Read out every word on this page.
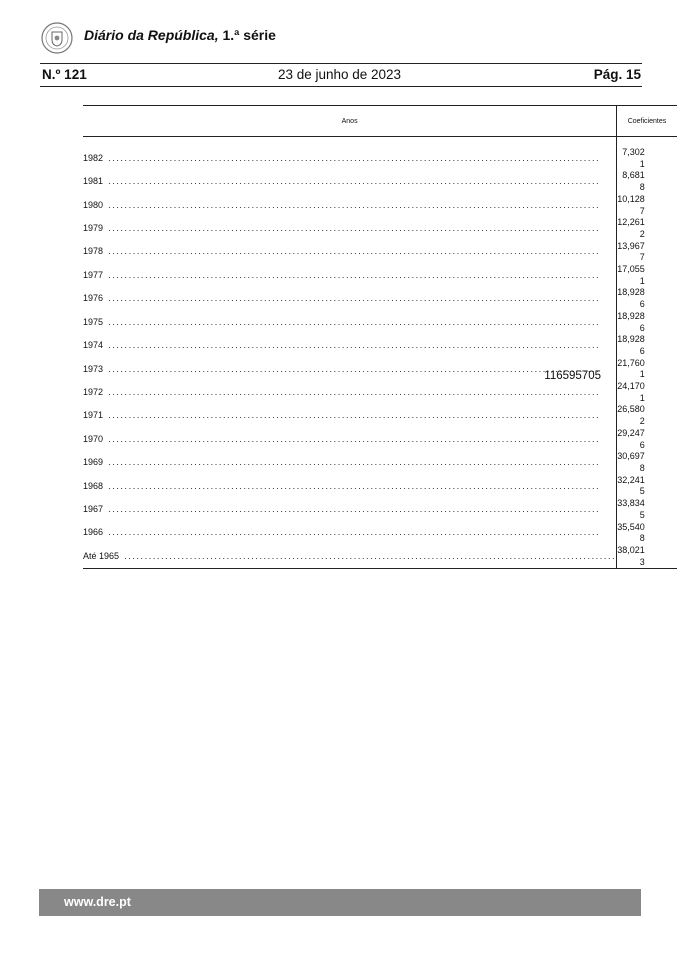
Diário da República, 1.ª série
N.º 121	23 de junho de 2023	Pág. 15
Anos	Coeficientes

1982 ........................................................................................................................	7,302 1
1981 ........................................................................................................................	8,681 8
1980 ........................................................................................................................	10,128 7
1979 ........................................................................................................................	12,261 2
1978 ........................................................................................................................	13,967 7
1977 ........................................................................................................................	17,055 1
1976 ........................................................................................................................	18,928 6
1975 ........................................................................................................................	18,928 6
1974 ........................................................................................................................	18,928 6
1973 ........................................................................................................................	21,760 1
1972 ........................................................................................................................	24,170 1
1971 ........................................................................................................................	26,580 2
1970 ........................................................................................................................	29,247 6
1969 ........................................................................................................................	30,697 8
1968 ........................................................................................................................	32,241 5
1967 ........................................................................................................................	33,834 5
1966 ........................................................................................................................	35,540 8
Até 1965 ........................................................................................................................	38,021 3
116595705
www.dre.pt
